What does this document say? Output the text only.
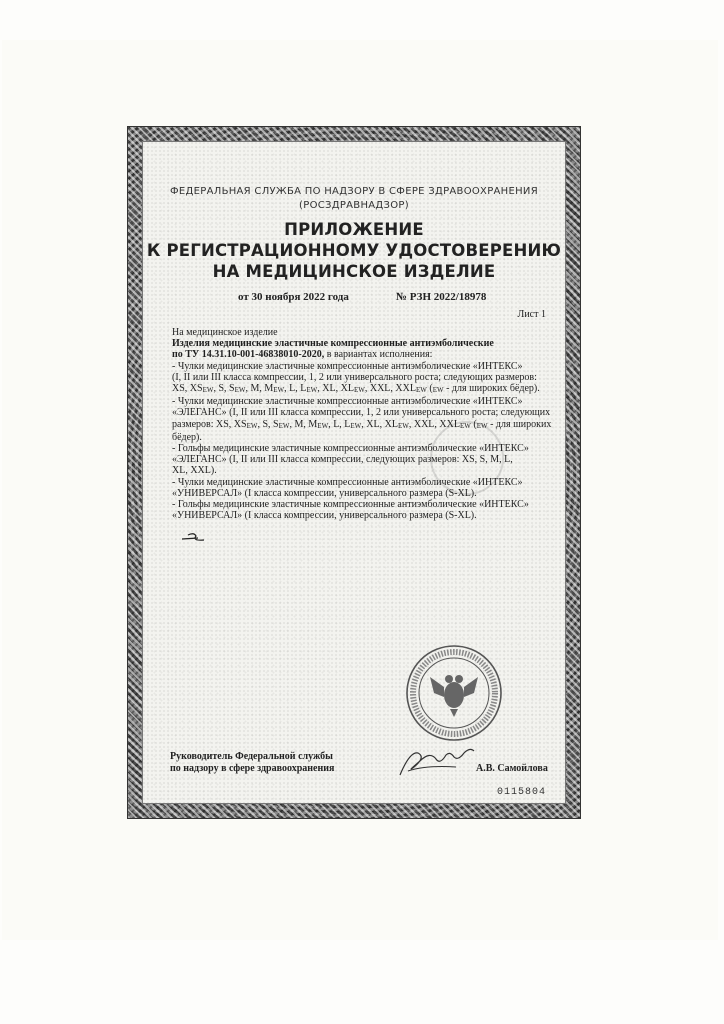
ФЕДЕРАЛЬНАЯ СЛУЖБА ПО НАДЗОРУ В СФЕРЕ ЗДРАВООХРАНЕНИЯ
(РОСЗДРАВНАДЗОР)
ПРИЛОЖЕНИЕ
К РЕГИСТРАЦИОННОМУ УДОСТОВЕРЕНИЮ
НА МЕДИЦИНСКОЕ ИЗДЕЛИЕ
от 30 ноября 2022 года	№ РЗН 2022/18978
Лист 1

На медицинское изделие

Изделия медицинские эластичные компрессионные антиэмболические

по ТУ 14.31.10-001-46838010-2020, в вариантах исполнения:

- Чулки медицинские эластичные компрессионные антиэмболические «ИНТЕКС»

(I, II или III класса компрессии, 1, 2 или универсального роста; следующих размеров:

XS, XSEW, S, SEW, M, MEW, L, LEW, XL, XLEW, XXL, XXLEW (EW - для широких бёдер).

- Чулки медицинские эластичные компрессионные антиэмболические «ИНТЕКС»

«ЭЛЕГАНС» (I, II или III класса компрессии, 1, 2 или универсального роста; следующих

размеров: XS, XSEW, S, SEW, M, MEW, L, LEW, XL, XLEW, XXL, XXLEW (EW - для широких

бёдер).

- Гольфы медицинские эластичные компрессионные антиэмболические «ИНТЕКС»

«ЭЛЕГАНС» (I, II или III класса компрессии, следующих размеров: XS, S, M, L,

XL, XXL).

- Чулки медицинские эластичные компрессионные антиэмболические «ИНТЕКС»

«УНИВЕРСАЛ» (I класса компрессии, универсального размера (S-XL).

- Гольфы медицинские эластичные компрессионные антиэмболические «ИНТЕКС»

«УНИВЕРСАЛ» (I класса компрессии, универсального размера (S-XL).

Руководитель Федеральной службы
по надзору в сфере здравоохранения	А.В. Самойлова
0115804
